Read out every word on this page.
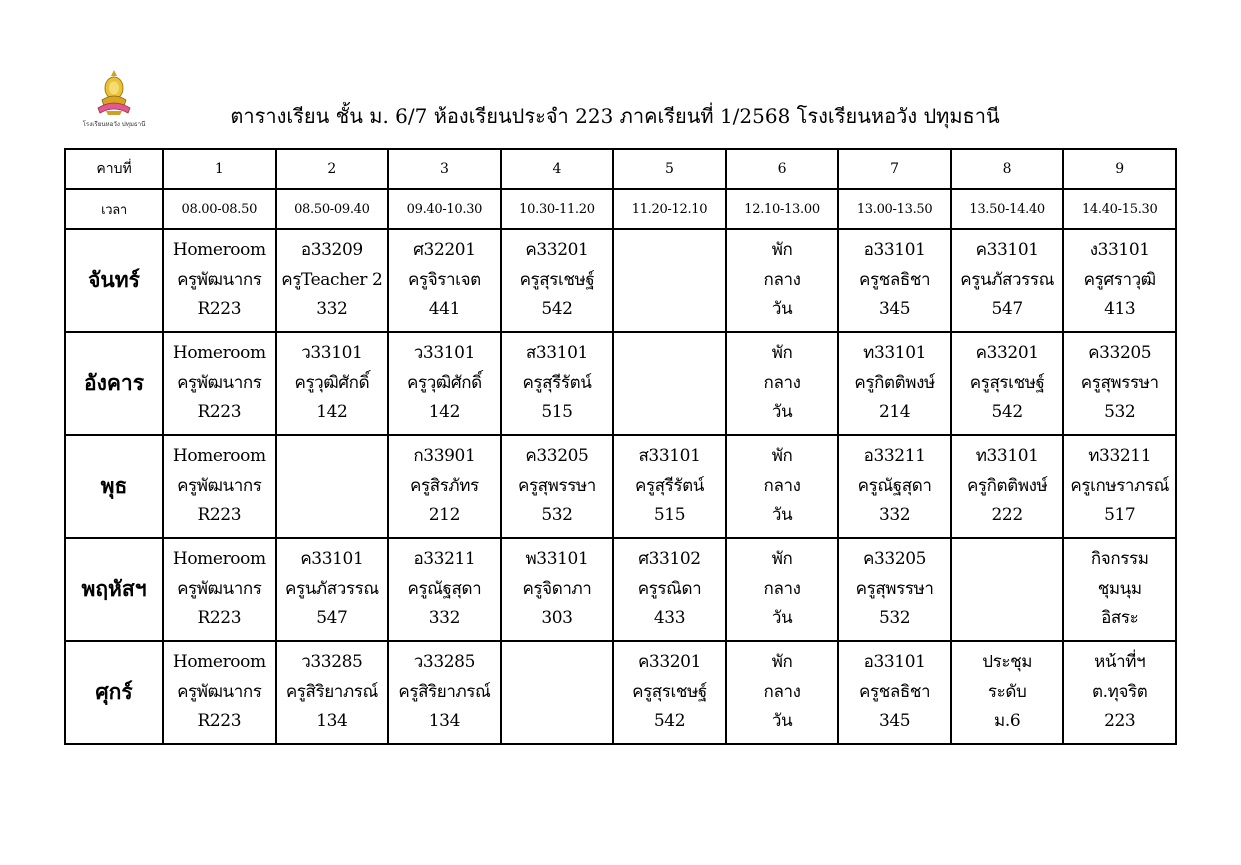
โรงเรียนหอวัง ปทุมธานี	ตารางเรียน ชั้น ม. 6/7 ห้องเรียนประจำ 223 ภาคเรียนที่ 1/2568 โรงเรียนหอวัง ปทุมธานี
คาบที่	1	2	3	4	5	6	7	8	9
เวลา	08.00-08.50	08.50-09.40	09.40-10.30	10.30-11.20	11.20-12.10	12.10-13.00	13.00-13.50	13.50-14.40	14.40-15.30
จันทร์	Homeroom
ครูพัฒนากร
R223	อ33209
ครูTeacher 2
332	ศ32201
ครูจิราเจต
441	ค33201
ครูสุรเชษฐ์
542		พัก
กลาง
วัน	อ33101
ครูชลธิชา
345	ค33101
ครูนภัสวรรณ
547	ง33101
ครูศราวุฒิ
413

อังคาร	Homeroom
ครูพัฒนากร
R223	ว33101
ครูวุฒิศักดิ์
142	ว33101
ครูวุฒิศักดิ์
142	ส33101
ครูสุรีรัตน์
515		พัก
กลาง
วัน	ท33101
ครูกิตติพงษ์
214	ค33201
ครูสุรเชษฐ์
542	ค33205
ครูสุพรรษา
532

พุธ	Homeroom
ครูพัฒนากร
R223		ก33901
ครูสิรภัทร
212	ค33205
ครูสุพรรษา
532	ส33101
ครูสุรีรัตน์
515	พัก
กลาง
วัน	อ33211
ครูณัฐสุดา
332	ท33101
ครูกิตติพงษ์
222	ท33211
ครูเกษราภรณ์
517

พฤหัสฯ	Homeroom
ครูพัฒนากร
R223	ค33101
ครูนภัสวรรณ
547	อ33211
ครูณัฐสุดา
332	พ33101
ครูจิดาภา
303	ศ33102
ครูรณิดา
433	พัก
กลาง
วัน	ค33205
ครูสุพรรษา
532		กิจกรรม
ชุมนุม
อิสระ

ศุกร์	Homeroom
ครูพัฒนากร
R223	ว33285
ครูสิริยาภรณ์
134	ว33285
ครูสิริยาภรณ์
134		ค33201
ครูสุรเชษฐ์
542	พัก
กลาง
วัน	อ33101
ครูชลธิชา
345	ประชุม
ระดับ
ม.6	หน้าที่ฯ
ต.ทุจริต
223
